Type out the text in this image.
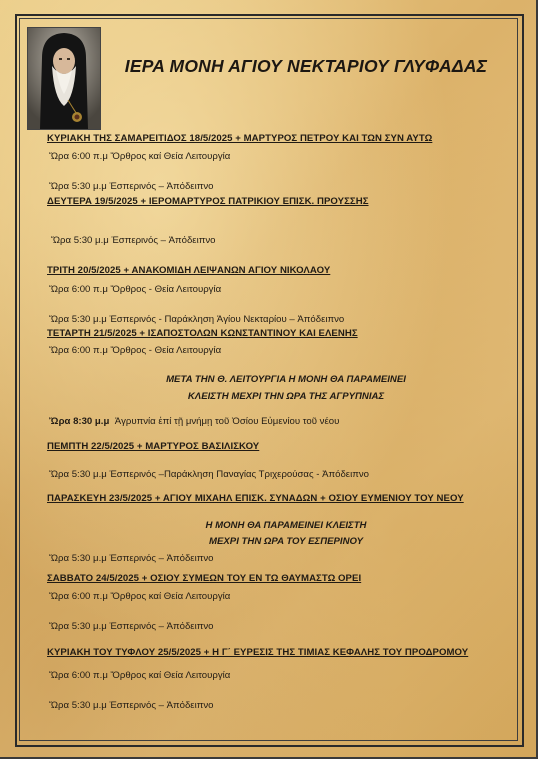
ΙΕΡΑ ΜΟΝΗ ΑΓΙΟΥ ΝΕΚΤΑΡΙΟΥ ΓΛΥΦΑΔΑΣ
ΚΥΡΙΑΚΗ ΤΗΣ ΣΑΜΑΡΕΙΤΙΔΟΣ 18/5/2025 + ΜΑΡΤΥΡΟΣ ΠΕΤΡΟΥ ΚΑΙ ΤΩΝ ΣΥΝ ΑΥΤΩ
Ὥρα 6:00 π.μ Ὄρθρος καί Θεία Λειτουργία
Ὥρα 5:30 μ.μ Ἑσπερινός – Ἀπόδειπνο
ΔΕΥΤΕΡΑ 19/5/2025 + ΙΕΡΟΜΑΡΤΥΡΟΣ ΠΑΤΡΙΚΙΟΥ ΕΠΙΣΚ. ΠΡΟΥΣΣΗΣ
Ὥρα 5:30 μ.μ Ἑσπερινός – Ἀπόδειπνο
ΤΡΙΤΗ 20/5/2025 + ΑΝΑΚΟΜΙΔΗ ΛΕΙΨΑΝΩΝ ΑΓΙΟΥ ΝΙΚΟΛΑΟΥ
Ὥρα 6:00 π.μ Ὄρθρος - Θεία Λειτουργία
Ὥρα 5:30 μ.μ Ἑσπερινός - Παράκληση Ἁγίου Νεκταρίου – Ἀπόδειπνο
ΤΕΤΑΡΤΗ 21/5/2025 + ΙΣΑΠΟΣΤΟΛΩΝ ΚΩΝΣΤΑΝΤΙΝΟΥ ΚΑΙ ΕΛΕΝΗΣ
Ὥρα 6:00 π.μ Ὄρθρος - Θεία Λειτουργία
ΜΕΤΑ ΤΗΝ Θ. ΛΕΙΤΟΥΡΓΙΑ Η ΜΟΝΗ ΘΑ ΠΑΡΑΜΕΙΝΕΙ
ΚΛΕΙΣΤΗ ΜΕΧΡΙ ΤΗΝ ΩΡΑ ΤΗΣ ΑΓΡΥΠΝΙΑΣ
Ὥρα 8:30 μ.μ Ἀγρυπνία ἐπί τῇ μνήμῃ τοῦ Ὁσίου Εὐμενίου τοῦ νέου
ΠΕΜΠΤΗ 22/5/2025 + ΜΑΡΤΥΡΟΣ ΒΑΣΙΛΙΣΚΟΥ
Ὥρα 5:30 μ.μ Ἑσπερινός –Παράκληση Παναγίας Τριχερούσας - Ἀπόδειπνο
ΠΑΡΑΣΚΕΥΗ 23/5/2025 + ΑΓΙΟΥ ΜΙΧΑΗΛ ΕΠΙΣΚ. ΣΥΝΑΔΩΝ + ΟΣΙΟΥ ΕΥΜΕΝΙΟΥ ΤΟΥ ΝΕΟΥ
Η ΜΟΝΗ ΘΑ ΠΑΡΑΜΕΙΝΕΙ ΚΛΕΙΣΤΗ
ΜΕΧΡΙ ΤΗΝ ΩΡΑ ΤΟΥ ΕΣΠΕΡΙΝΟΥ
Ὥρα 5:30 μ.μ Ἑσπερινός – Ἀπόδειπνο
ΣΑΒΒΑΤΟ 24/5/2025 + ΟΣΙΟΥ ΣΥΜΕΩΝ ΤΟΥ ΕΝ ΤΩ ΘΑΥΜΑΣΤΩ ΟΡΕΙ
Ὥρα 6:00 π.μ Ὄρθρος καί Θεία Λειτουργία
Ὥρα 5:30 μ.μ Ἑσπερινός – Ἀπόδειπνο
ΚΥΡΙΑΚΗ ΤΟΥ ΤΥΦΛΟΥ 25/5/2025 + Η Γ΄ ΕΥΡΕΣΙΣ ΤΗΣ ΤΙΜΙΑΣ ΚΕΦΑΛΗΣ ΤΟΥ ΠΡΟΔΡΟΜΟΥ
Ὥρα 6:00 π.μ Ὄρθρος καί Θεία Λειτουργία
Ὥρα 5:30 μ.μ Ἑσπερινός – Ἀπόδειπνο
